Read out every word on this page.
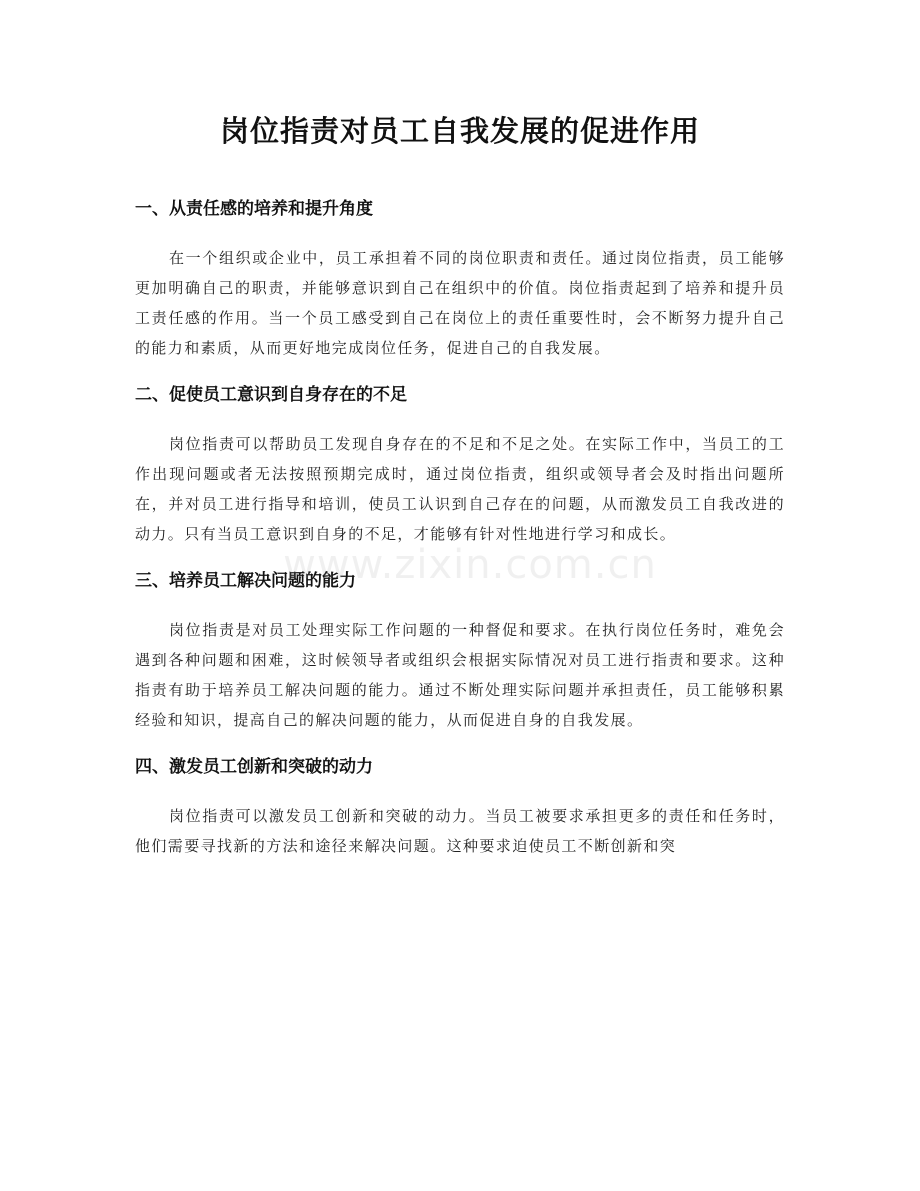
岗位指责对员工自我发展的促进作用
一、从责任感的培养和提升角度

在一个组织或企业中，员工承担着不同的岗位职责和责任。通过岗位指责，员工能够更加明确自己的职责，并能够意识到自己在组织中的价值。岗位指责起到了培养和提升员工责任感的作用。当一个员工感受到自己在岗位上的责任重要性时，会不断努力提升自己的能力和素质，从而更好地完成岗位任务，促进自己的自我发展。

二、促使员工意识到自身存在的不足

岗位指责可以帮助员工发现自身存在的不足和不足之处。在实际工作中，当员工的工作出现问题或者无法按照预期完成时，通过岗位指责，组织或领导者会及时指出问题所在，并对员工进行指导和培训，使员工认识到自己存在的问题，从而激发员工自我改进的动力。只有当员工意识到自身的不足，才能够有针对性地进行学习和成长。

三、培养员工解决问题的能力

岗位指责是对员工处理实际工作问题的一种督促和要求。在执行岗位任务时，难免会遇到各种问题和困难，这时候领导者或组织会根据实际情况对员工进行指责和要求。这种指责有助于培养员工解决问题的能力。通过不断处理实际问题并承担责任，员工能够积累经验和知识，提高自己的解决问题的能力，从而促进自身的自我发展。

四、激发员工创新和突破的动力

岗位指责可以激发员工创新和突破的动力。当员工被要求承担更多的责任和任务时，他们需要寻找新的方法和途径来解决问题。这种要求迫使员工不断创新和突

www.zixin.com.cn
